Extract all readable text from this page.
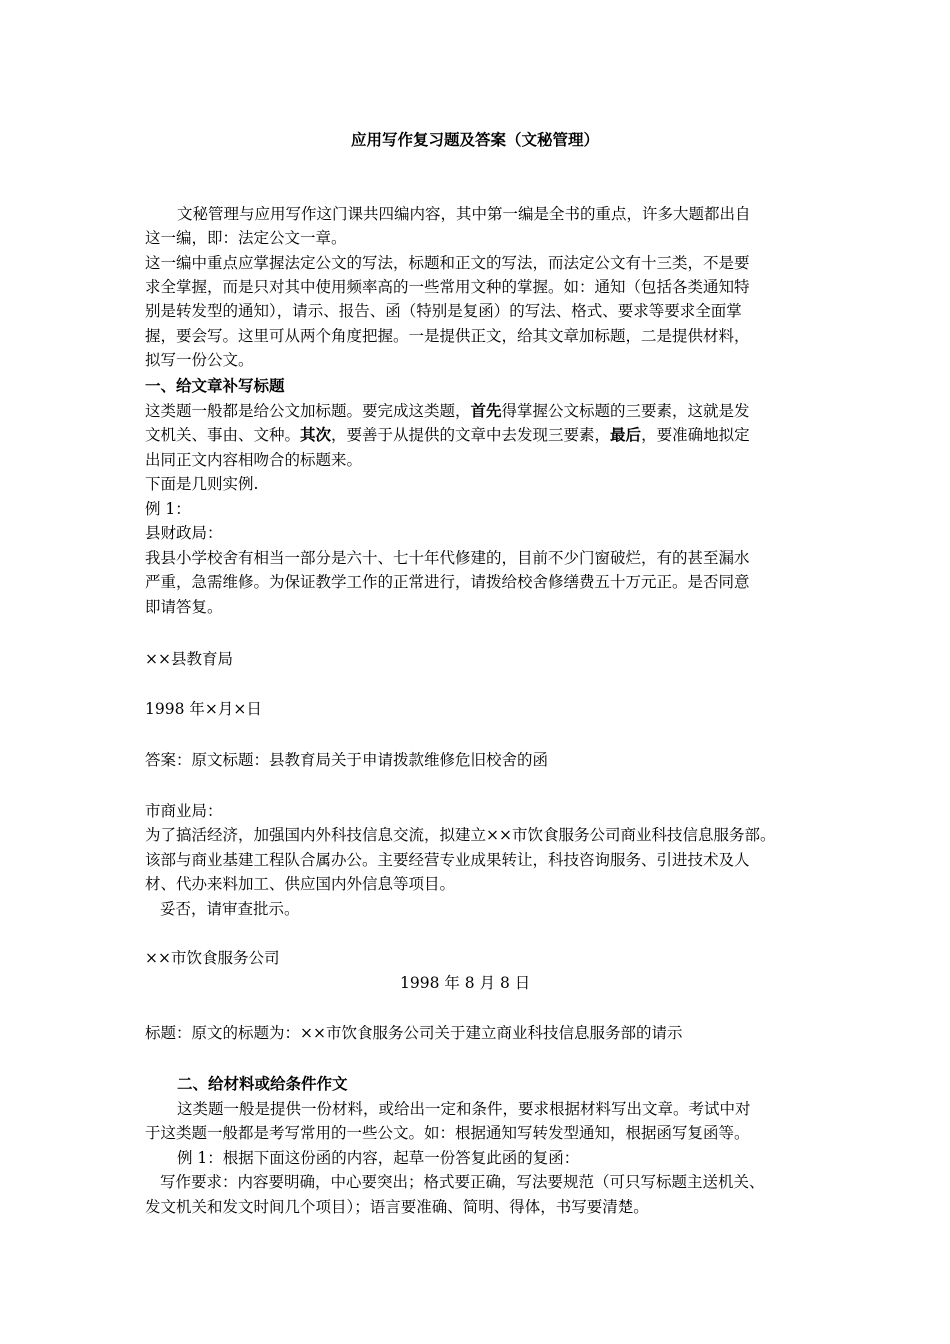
应用写作复习题及答案（文秘管理）
文秘管理与应用写作这门课共四编内容，其中第一编是全书的重点，许多大题都出自
这一编，即：法定公文一章。
这一编中重点应掌握法定公文的写法，标题和正文的写法，而法定公文有十三类，不是要
求全掌握，而是只对其中使用频率高的一些常用文种的掌握。如：通知（包括各类通知特
别是转发型的通知），请示、报告、函（特别是复函）的写法、格式、要求等要求全面掌
握，要会写。这里可从两个角度把握。一是提供正文，给其文章加标题，二是提供材料，
拟写一份公文。
一、给文章补写标题
这类题一般都是给公文加标题。要完成这类题，首先得掌握公文标题的三要素，这就是发
文机关、事由、文种。其次，要善于从提供的文章中去发现三要素，最后，要准确地拟定
出同正文内容相吻合的标题来。
下面是几则实例.
例 1：
县财政局：
我县小学校舍有相当一部分是六十、七十年代修建的，目前不少门窗破烂，有的甚至漏水
严重，急需维修。为保证教学工作的正常进行，请拨给校舍修缮费五十万元正。是否同意
即请答复。
××县教育局
1998 年×月×日
答案：原文标题：县教育局关于申请拨款维修危旧校舍的函
市商业局：
为了搞活经济，加强国内外科技信息交流，拟建立××市饮食服务公司商业科技信息服务部。
该部与商业基建工程队合属办公。主要经营专业成果转让，科技咨询服务、引进技术及人
材、代办来料加工、供应国内外信息等项目。
妥否，请审查批示。
××市饮食服务公司
1998 年 8 月 8 日
标题：原文的标题为：××市饮食服务公司关于建立商业科技信息服务部的请示
二、给材料或给条件作文
这类题一般是提供一份材料，或给出一定和条件，要求根据材料写出文章。考试中对
于这类题一般都是考写常用的一些公文。如：根据通知写转发型通知，根据函写复函等。
例 1：根据下面这份函的内容，起草一份答复此函的复函：
写作要求：内容要明确，中心要突出；格式要正确，写法要规范（可只写标题主送机关、
发文机关和发文时间几个项目）；语言要准确、简明、得体，书写要清楚。
